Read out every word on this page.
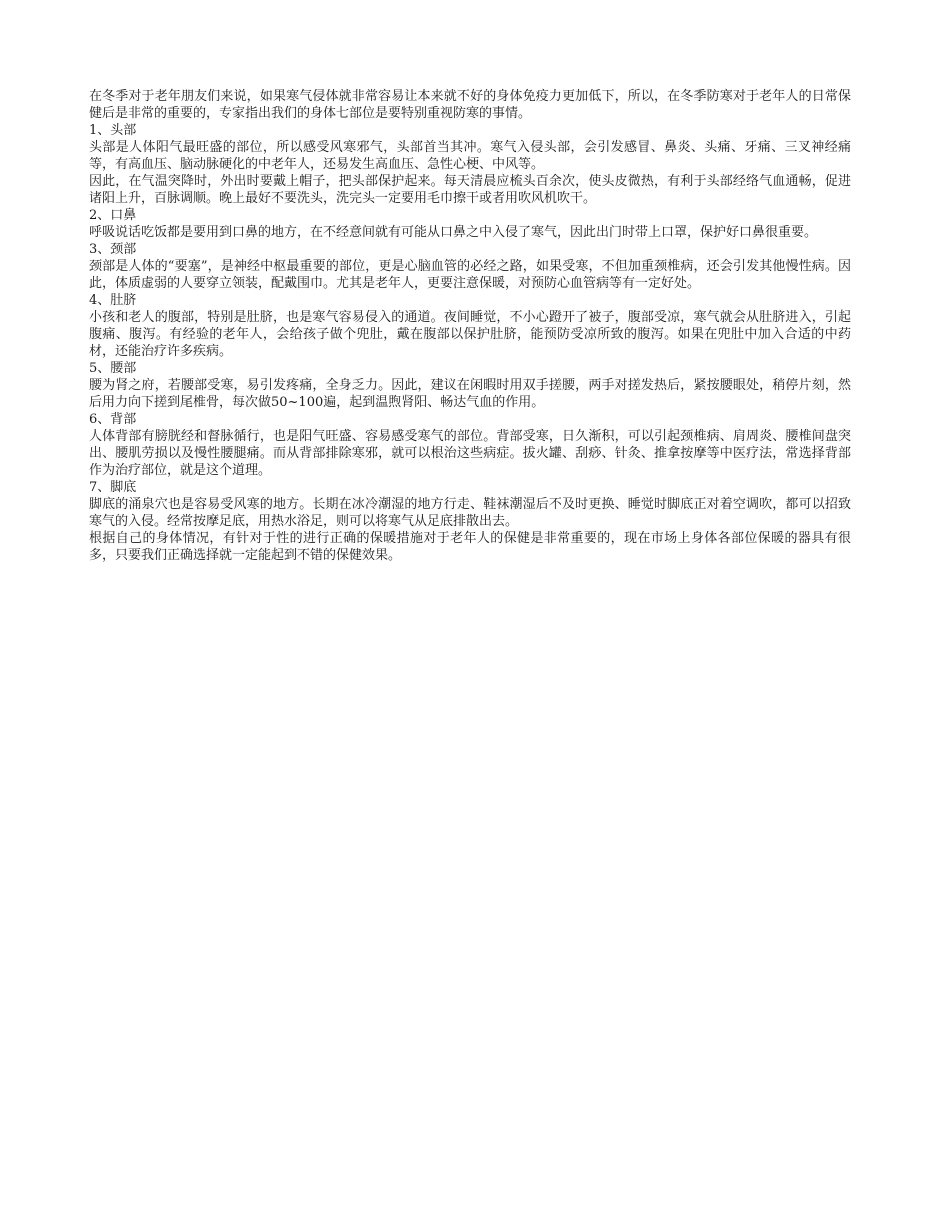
在冬季对于老年朋友们来说，如果寒气侵体就非常容易让本来就不好的身体免疫力更加低下，所以，在冬季防寒对于老年人的日常保健后是非常的重要的，专家指出我们的身体七部位是要特别重视防寒的事情。

1、头部

头部是人体阳气最旺盛的部位，所以感受风寒邪气，头部首当其冲。寒气入侵头部，会引发感冒、鼻炎、头痛、牙痛、三叉神经痛等，有高血压、脑动脉硬化的中老年人，还易发生高血压、急性心梗、中风等。

因此，在气温突降时，外出时要戴上帽子，把头部保护起来。每天清晨应梳头百余次，使头皮微热，有利于头部经络气血通畅，促进诸阳上升，百脉调顺。晚上最好不要洗头，洗完头一定要用毛巾擦干或者用吹风机吹干。

2、口鼻

呼吸说话吃饭都是要用到口鼻的地方，在不经意间就有可能从口鼻之中入侵了寒气，因此出门时带上口罩，保护好口鼻很重要。

3、颈部

颈部是人体的“要塞”，是神经中枢最重要的部位，更是心脑血管的必经之路，如果受寒，不但加重颈椎病，还会引发其他慢性病。因此，体质虚弱的人要穿立领装，配戴围巾。尤其是老年人，更要注意保暖，对预防心血管病等有一定好处。

4、肚脐

小孩和老人的腹部，特别是肚脐，也是寒气容易侵入的通道。夜间睡觉，不小心蹬开了被子，腹部受凉，寒气就会从肚脐进入，引起腹痛、腹泻。有经验的老年人，会给孩子做个兜肚，戴在腹部以保护肚脐，能预防受凉所致的腹泻。如果在兜肚中加入合适的中药材，还能治疗许多疾病。

5、腰部

腰为肾之府，若腰部受寒，易引发疼痛，全身乏力。因此，建议在闲暇时用双手搓腰，两手对搓发热后，紧按腰眼处，稍停片刻，然后用力向下搓到尾椎骨，每次做50~100遍，起到温煦肾阳、畅达气血的作用。

6、背部

人体背部有膀胱经和督脉循行，也是阳气旺盛、容易感受寒气的部位。背部受寒，日久渐积，可以引起颈椎病、肩周炎、腰椎间盘突出、腰肌劳损以及慢性腰腿痛。而从背部排除寒邪，就可以根治这些病症。拔火罐、刮痧、针灸、推拿按摩等中医疗法，常选择背部作为治疗部位，就是这个道理。

7、脚底

脚底的涌泉穴也是容易受风寒的地方。长期在冰冷潮湿的地方行走、鞋袜潮湿后不及时更换、睡觉时脚底正对着空调吹，都可以招致寒气的入侵。经常按摩足底，用热水浴足，则可以将寒气从足底排散出去。

根据自己的身体情况，有针对于性的进行正确的保暖措施对于老年人的保健是非常重要的，现在市场上身体各部位保暖的器具有很多，只要我们正确选择就一定能起到不错的保健效果。
